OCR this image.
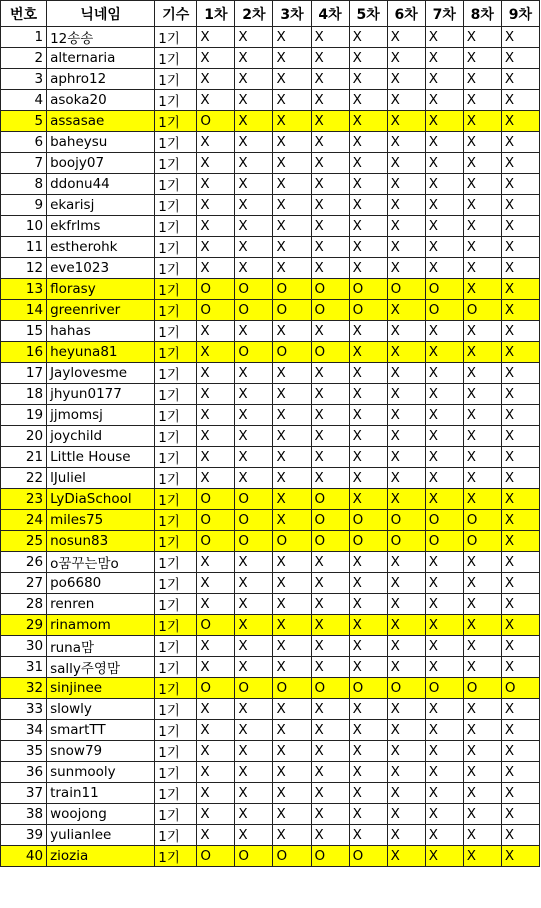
번호	닉네임	기수	1차	2차	3차	4차	5차	6차	7차	8차	9차
1	12송송	1기	X	X	X	X	X	X	X	X	X
2	alternaria	1기	X	X	X	X	X	X	X	X	X
3	aphro12	1기	X	X	X	X	X	X	X	X	X
4	asoka20	1기	X	X	X	X	X	X	X	X	X
5	assasae	1기	O	X	X	X	X	X	X	X	X
6	baheysu	1기	X	X	X	X	X	X	X	X	X
7	boojy07	1기	X	X	X	X	X	X	X	X	X
8	ddonu44	1기	X	X	X	X	X	X	X	X	X
9	ekarisj	1기	X	X	X	X	X	X	X	X	X
10	ekfrlms	1기	X	X	X	X	X	X	X	X	X
11	estherohk	1기	X	X	X	X	X	X	X	X	X
12	eve1023	1기	X	X	X	X	X	X	X	X	X
13	florasy	1기	O	O	O	O	O	O	O	X	X
14	greenriver	1기	O	O	O	O	O	X	O	O	X
15	hahas	1기	X	X	X	X	X	X	X	X	X
16	heyuna81	1기	X	O	O	O	X	X	X	X	X
17	Jaylovesme	1기	X	X	X	X	X	X	X	X	X
18	jhyun0177	1기	X	X	X	X	X	X	X	X	X
19	jjmomsj	1기	X	X	X	X	X	X	X	X	X
20	joychild	1기	X	X	X	X	X	X	X	X	X
21	Little House	1기	X	X	X	X	X	X	X	X	X
22	lJuliel	1기	X	X	X	X	X	X	X	X	X
23	LyDiaSchool	1기	O	O	X	O	X	X	X	X	X
24	miles75	1기	O	O	X	O	O	O	O	O	X
25	nosun83	1기	O	O	O	O	O	O	O	O	X
26	o꿈꾸는맘o	1기	X	X	X	X	X	X	X	X	X
27	po6680	1기	X	X	X	X	X	X	X	X	X
28	renren	1기	X	X	X	X	X	X	X	X	X
29	rinamom	1기	O	X	X	X	X	X	X	X	X
30	runa맘	1기	X	X	X	X	X	X	X	X	X
31	sally주영맘	1기	X	X	X	X	X	X	X	X	X
32	sinjinee	1기	O	O	O	O	O	O	O	O	O
33	slowly	1기	X	X	X	X	X	X	X	X	X
34	smartTT	1기	X	X	X	X	X	X	X	X	X
35	snow79	1기	X	X	X	X	X	X	X	X	X
36	sunmooly	1기	X	X	X	X	X	X	X	X	X
37	train11	1기	X	X	X	X	X	X	X	X	X
38	woojong	1기	X	X	X	X	X	X	X	X	X
39	yulianlee	1기	X	X	X	X	X	X	X	X	X
40	ziozia	1기	O	O	O	O	O	X	X	X	X
